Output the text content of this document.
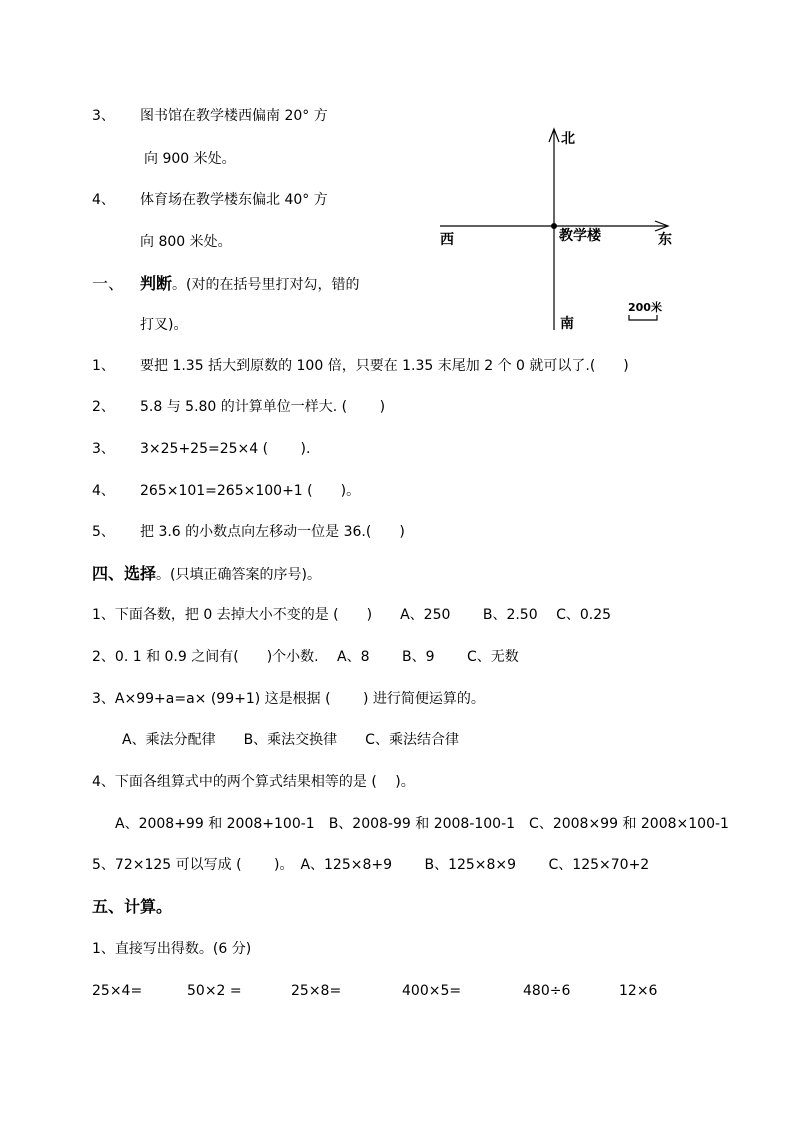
3、 图书馆在教学楼西偏南 20° 方
向 900 米处。
4、 体育场在教学楼东偏北 40° 方
向 800 米处。
北
南
西	东
教学楼
200米
一、 判断。(对的在括号里打对勾，错的
打叉)。
1、 要把 1.35 括大到原数的 100 倍，只要在 1.35 末尾加 2 个 0 就可以了.(　　)
2、 5.8 与 5.80 的计算单位一样大. (　　 )
3、 3×25+25=25×4 (　　 ).
4、 265×101=265×100+1 (　　)。
5、 把 3.6 的小数点向左移动一位是 36.(　　)
四、选择。(只填正确答案的序号)。
1、下面各数，把 0 去掉大小不变的是 (　　)　　A、250　　 B、2.50　 C、0.25
2、0. 1 和 0.9 之间有(　　)个小数.　 A、8　　 B、9　　 C、无数
3、A×99+a=a× (99+1) 这是根据 (　　 ) 进行简便运算的。
A、乘法分配律　　B、乘法交换律　　C、乘法结合律
4、下面各组算式中的两个算式结果相等的是 (　 )。
A、2008+99 和 2008+100-1　B、2008-99 和 2008-100-1　C、2008×99 和 2008×100-1
5、72×125 可以写成 (　　 )。　A、125×8+9　　 B、125×8×9　　 C、125×70+2
五、计算。
1、直接写出得数。(6 分)
25×4=	50×2 =	25×8=	400×5=	480÷6	12×6
